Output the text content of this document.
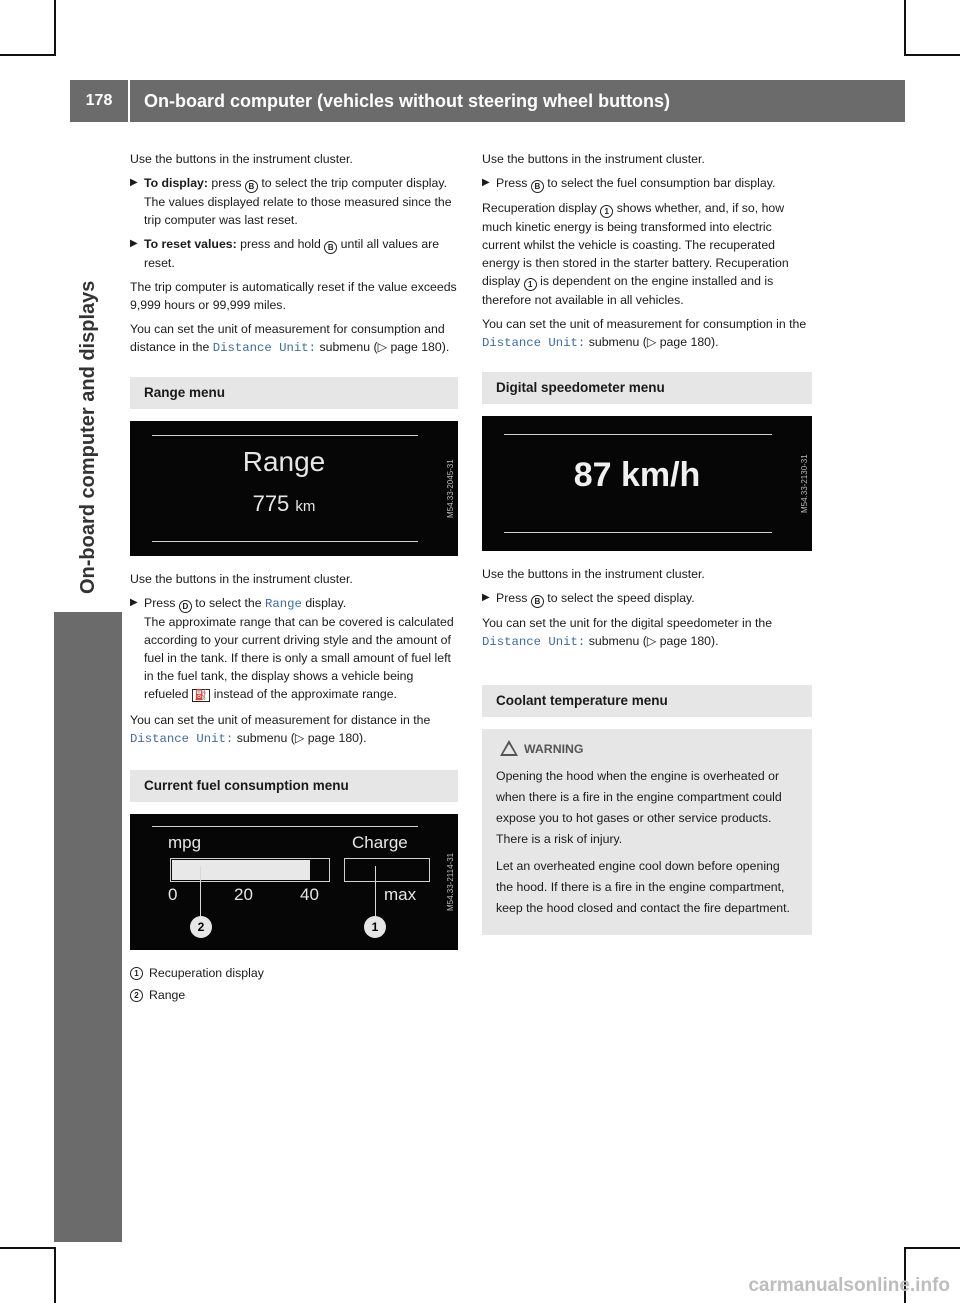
178	On-board computer (vehicles without steering wheel buttons)
On-board computer and displays

Use the buttons in the instrument cluster.

▶ To display: press B to select the trip computer display.
The values displayed relate to those measured since the trip computer was last reset.
▶ To reset values: press and hold B until all values are reset.

The trip computer is automatically reset if the value exceeds 9,999 hours or 99,999 miles.

You can set the unit of measurement for consumption and distance in the Distance Unit: submenu (▷ page 180).

Range menu
Range
775 km	M54.33-2045-31

Use the buttons in the instrument cluster.

▶ Press D to select the Range display.
The approximate range that can be covered is calculated according to your current driving style and the amount of fuel in the tank. If there is only a small amount of fuel left in the fuel tank, the display shows a vehicle being refueled ⛽ instead of the approximate range.

You can set the unit of measurement for distance in the Distance Unit: submenu (▷ page 180).

Current fuel consumption menu
mpg	Charge
0	20	40	max
2	1
M54.33-2114-31
1 Recuperation display
2 Range

Use the buttons in the instrument cluster.

▶ Press B to select the fuel consumption bar display.

Recuperation display 1 shows whether, and, if so, how much kinetic energy is being transformed into electric current whilst the vehicle is coasting. The recuperated energy is then stored in the starter battery. Recuperation display 1 is dependent on the engine installed and is therefore not available in all vehicles.

You can set the unit of measurement for consumption in the Distance Unit: submenu (▷ page 180).

Digital speedometer menu
87 km/h	M54.33-2130-31

Use the buttons in the instrument cluster.

▶ Press B to select the speed display.

You can set the unit for the digital speedometer in the Distance Unit: submenu (▷ page 180).

Coolant temperature menu
WARNING

Opening the hood when the engine is overheated or when there is a fire in the engine compartment could expose you to hot gases or other service products. There is a risk of injury.

Let an overheated engine cool down before opening the hood. If there is a fire in the engine compartment, keep the hood closed and contact the fire department.

carmanualsonline.info
